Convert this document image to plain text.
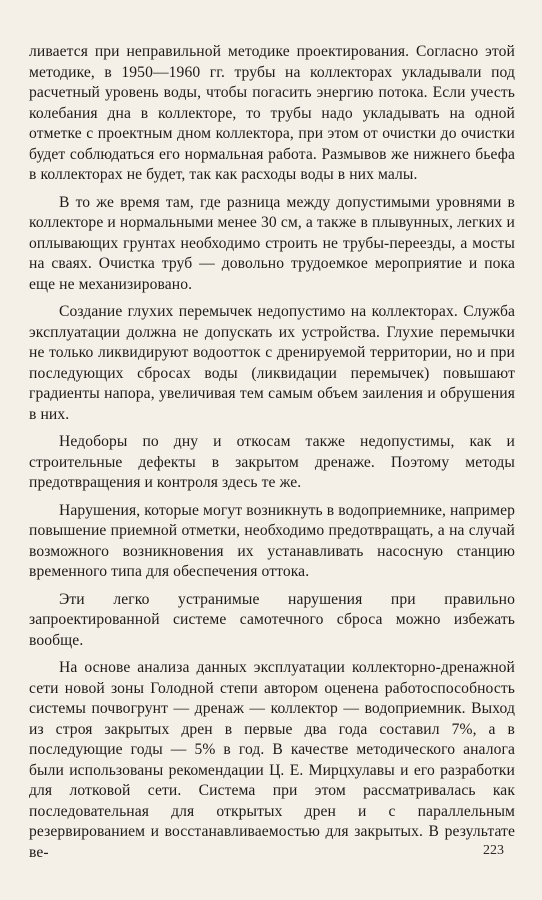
ливается при неправильной методике проектирования. Согласно этой методике, в 1950—1960 гг. трубы на коллекторах укладывали под расчетный уровень воды, чтобы погасить энергию потока. Если учесть колебания дна в коллекторе, то трубы надо укладывать на одной отметке с проектным дном коллектора, при этом от очистки до очистки будет соблюдаться его нормальная работа. Размывов же нижнего бьефа в коллекторах не будет, так как расходы воды в них малы.

В то же время там, где разница между допустимыми уровнями в коллекторе и нормальными менее 30 см, а также в плывунных, легких и оплывающих грунтах необходимо строить не трубы-переезды, а мосты на сваях. Очистка труб — довольно трудоемкое мероприятие и пока еще не механизировано.

Создание глухих перемычек недопустимо на коллекторах. Служба эксплуатации должна не допускать их устройства. Глухие перемычки не только ликвидируют водоотток с дренируемой территории, но и при последующих сбросах воды (ликвидации перемычек) повышают градиенты напора, увеличивая тем самым объем заиления и обрушения в них.

Недоборы по дну и откосам также недопустимы, как и строительные дефекты в закрытом дренаже. Поэтому методы предотвращения и контроля здесь те же.

Нарушения, которые могут возникнуть в водоприемнике, например повышение приемной отметки, необходимо предотвращать, а на случай возможного возникновения их устанавливать насосную станцию временного типа для обеспечения оттока.

Эти легко устранимые нарушения при правильно запроектированной системе самотечного сброса можно избежать вообще.

На основе анализа данных эксплуатации коллекторно-дренажной сети новой зоны Голодной степи автором оценена работоспособность системы почвогрунт — дренаж — коллектор — водоприемник. Выход из строя закрытых дрен в первые два года составил 7%, а в последующие годы — 5% в год. В качестве методического аналога были использованы рекомендации Ц. Е. Мирцхулавы и его разработки для лотковой сети. Система при этом рассматривалась как последовательная для открытых дрен и с параллельным резервированием и восстанавливаемостью для закрытых. В результате ве-	223
